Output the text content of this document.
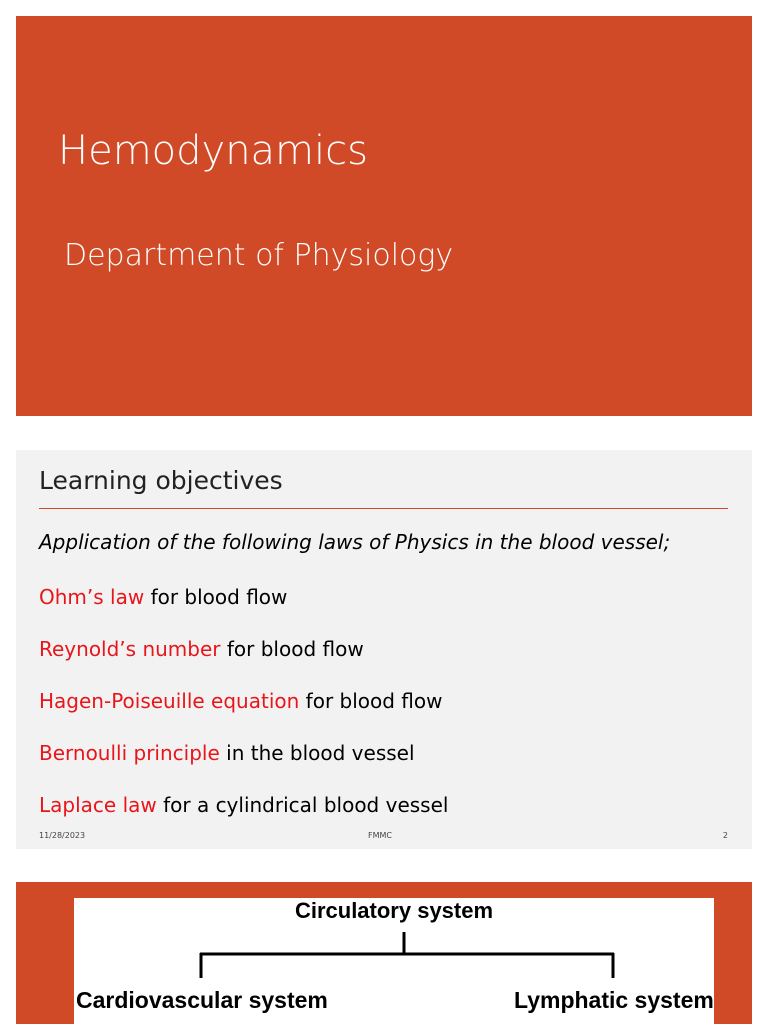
Hemodynamics
Department of Physiology
Learning objectives
Application of the following laws of Physics in the blood vessel;
Ohm’s law for blood flow
Reynold’s number for blood flow
Hagen-Poiseuille equation for blood flow
Bernoulli principle in the blood vessel
Laplace law for a cylindrical blood vessel
11/28/2023	FMMC	2
Circulatory system
Cardiovascular system	Lymphatic system
